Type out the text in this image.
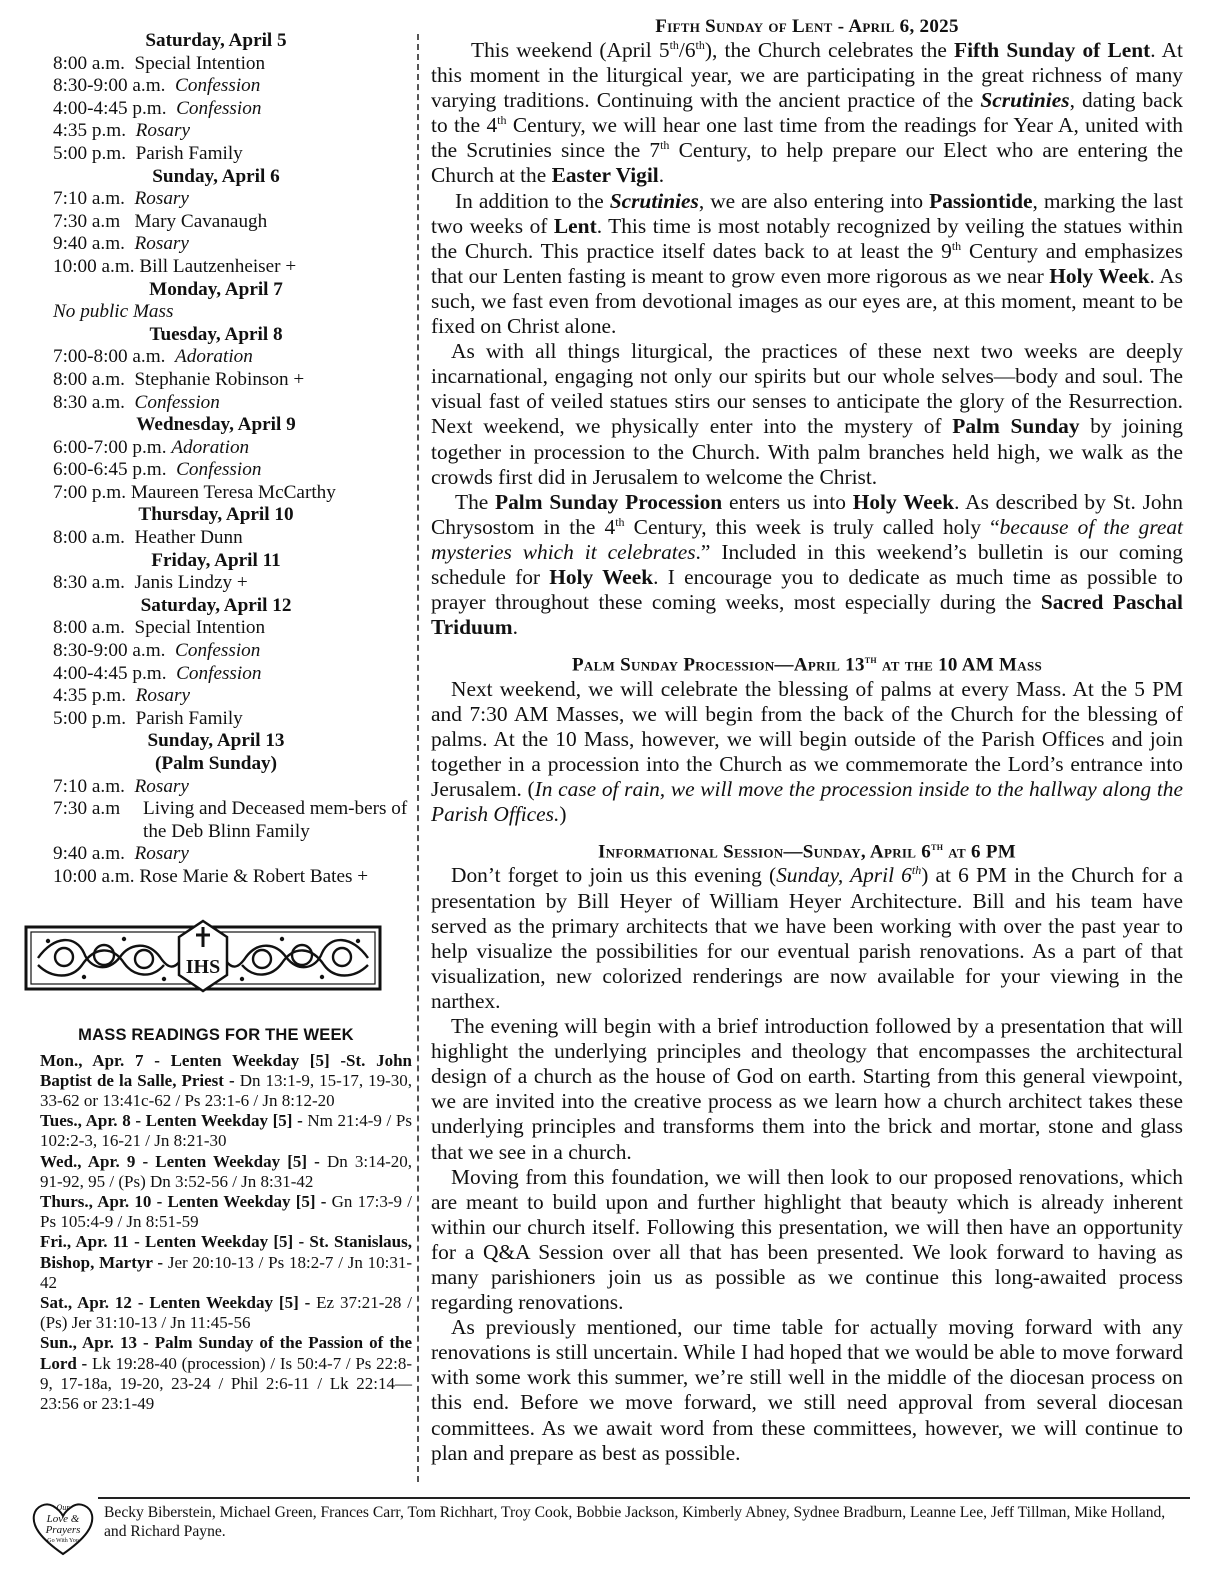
Saturday, April 5
8:00 a.m. Special Intention
8:30-9:00 a.m. Confession
4:00-4:45 p.m. Confession
4:35 p.m. Rosary
5:00 p.m. Parish Family
Sunday, April 6
7:10 a.m. Rosary
7:30 a.m Mary Cavanaugh
9:40 a.m. Rosary
10:00 a.m. Bill Lautzenheiser +
Monday, April 7
No public Mass
Tuesday, April 8
7:00-8:00 a.m. Adoration
8:00 a.m. Stephanie Robinson +
8:30 a.m. Confession
Wednesday, April 9
6:00-7:00 p.m. Adoration
6:00-6:45 p.m. Confession
7:00 p.m. Maureen Teresa McCarthy
Thursday, April 10
8:00 a.m. Heather Dunn
Friday, April 11
8:30 a.m. Janis Lindzy +
Saturday, April 12
8:00 a.m. Special Intention
8:30-9:00 a.m. Confession
4:00-4:45 p.m. Confession
4:35 p.m. Rosary
5:00 p.m. Parish Family
Sunday, April 13
(Palm Sunday)
7:10 a.m. Rosary
7:30 a.m	Living and Deceased mem-bers of the Deb Blinn Family
9:40 a.m. Rosary
10:00 a.m. Rose Marie & Robert Bates +
IHS
MASS READINGS FOR THE WEEK

Mon., Apr. 7 - Lenten Weekday [5] -St. John Baptist de la Salle, Priest - Dn 13:1-9, 15-17, 19-30, 33-62 or 13:41c-62 / Ps 23:1-6 / Jn 8:12-20

Tues., Apr. 8 - Lenten Weekday [5] - Nm 21:4-9 / Ps 102:2-3, 16-21 / Jn 8:21-30

Wed., Apr. 9 - Lenten Weekday [5] - Dn 3:14-20, 91-92, 95 / (Ps) Dn 3:52-56 / Jn 8:31-42

Thurs., Apr. 10 - Lenten Weekday [5] - Gn 17:3-9 / Ps 105:4-9 / Jn 8:51-59

Fri., Apr. 11 - Lenten Weekday [5] - St. Stanislaus, Bishop, Martyr - Jer 20:10-13 / Ps 18:2-7 / Jn 10:31-42

Sat., Apr. 12 - Lenten Weekday [5] - Ez 37:21-28 / (Ps) Jer 31:10-13 / Jn 11:45-56

Sun., Apr. 13 - Palm Sunday of the Passion of the Lord - Lk 19:28-40 (procession) / Is 50:4-7 / Ps 22:8-9, 17-18a, 19-20, 23-24 / Phil 2:6-11 / Lk 22:14—23:56 or 23:1-49

Fifth Sunday of Lent - April 6, 2025

This weekend (April 5th/6th), the Church celebrates the Fifth Sunday of Lent. At this moment in the liturgical year, we are participating in the great richness of many varying traditions. Continuing with the ancient practice of the Scrutinies, dating back to the 4th Century, we will hear one last time from the readings for Year A, united with the Scrutinies since the 7th Century, to help prepare our Elect who are entering the Church at the Easter Vigil.

In addition to the Scrutinies, we are also entering into Passiontide, marking the last two weeks of Lent. This time is most notably recognized by veiling the statues within the Church. This practice itself dates back to at least the 9th Century and emphasizes that our Lenten fasting is meant to grow even more rigorous as we near Holy Week. As such, we fast even from devotional images as our eyes are, at this moment, meant to be fixed on Christ alone.

As with all things liturgical, the practices of these next two weeks are deeply incarnational, engaging not only our spirits but our whole selves—body and soul. The visual fast of veiled statues stirs our senses to anticipate the glory of the Resurrection. Next weekend, we physically enter into the mystery of Palm Sunday by joining together in procession to the Church. With palm branches held high, we walk as the crowds first did in Jerusalem to welcome the Christ.

The Palm Sunday Procession enters us into Holy Week. As described by St. John Chrysostom in the 4th Century, this week is truly called holy “because of the great mysteries which it celebrates.” Included in this weekend’s bulletin is our coming schedule for Holy Week. I encourage you to dedicate as much time as possible to prayer throughout these coming weeks, most especially during the Sacred Paschal Triduum.

Palm Sunday Procession—April 13th at the 10 AM Mass

Next weekend, we will celebrate the blessing of palms at every Mass. At the 5 PM and 7:30 AM Masses, we will begin from the back of the Church for the blessing of palms. At the 10 Mass, however, we will begin outside of the Parish Offices and join together in a procession into the Church as we commemorate the Lord’s entrance into Jerusalem. (In case of rain, we will move the procession inside to the hallway along the Parish Offices.)

Informational Session—Sunday, April 6th at 6 PM

Don’t forget to join us this evening (Sunday, April 6th) at 6 PM in the Church for a presentation by Bill Heyer of William Heyer Architecture. Bill and his team have served as the primary architects that we have been working with over the past year to help visualize the possibilities for our eventual parish renovations. As a part of that visualization, new colorized renderings are now available for your viewing in the narthex.

The evening will begin with a brief introduction followed by a presentation that will highlight the underlying principles and theology that encompasses the architectural design of a church as the house of God on earth. Starting from this general viewpoint, we are invited into the creative process as we learn how a church architect takes these underlying principles and transforms them into the brick and mortar, stone and glass that we see in a church.

Moving from this foundation, we will then look to our proposed renovations, which are meant to build upon and further highlight that beauty which is already inherent within our church itself. Following this presentation, we will then have an opportunity for a Q&A Session over all that has been presented. We look forward to having as many parishioners join us as possible as we continue this long-awaited process regarding renovations.

As previously mentioned, our time table for actually moving forward with any renovations is still uncertain. While I had hoped that we would be able to move forward with some work this summer, we’re still well in the middle of the diocesan process on this end. Before we move forward, we still need approval from several diocesan committees. As we await word from these committees, however, we will continue to plan and prepare as best as possible.

Our
Love &
Prayers
Go With You
Becky Biberstein, Michael Green, Frances Carr, Tom Richhart, Troy Cook, Bobbie Jackson, Kimberly Abney, Sydnee Bradburn, Leanne Lee, Jeff Tillman, Mike Holland, and Richard Payne.
